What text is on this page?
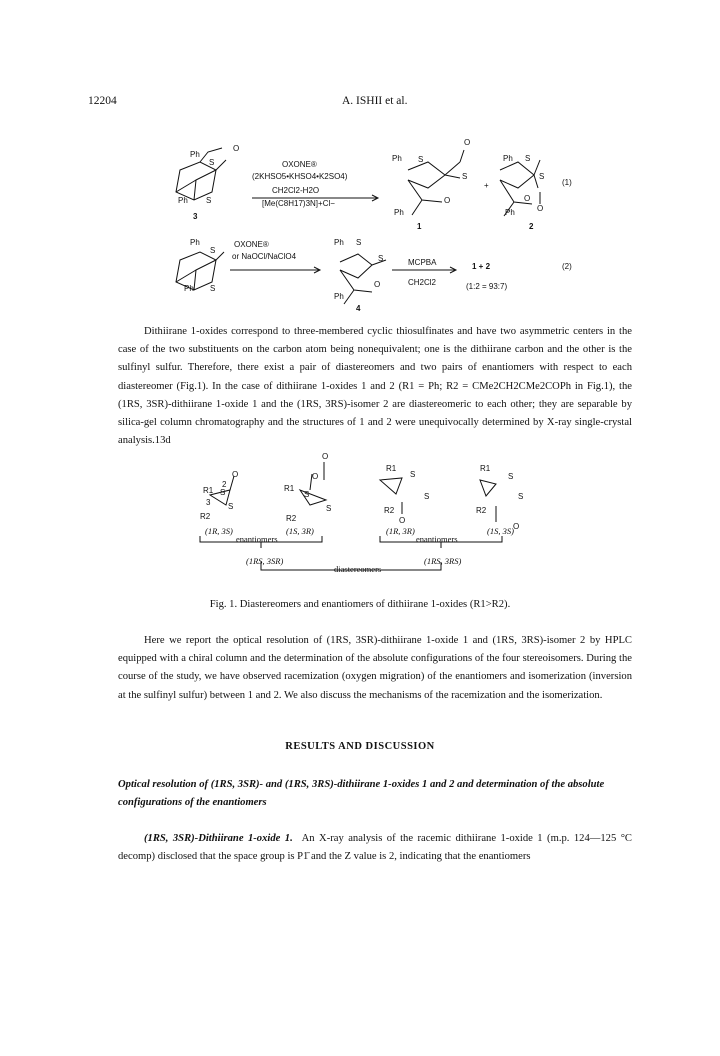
12204	A. ISHII et al.
Ph
S
O
Ph S
3
OXONE®
(2KHSO5•KHSO4•K2SO4)
CH2Cl2-H2O
[Me(C8H17)3N]+Cl−
Ph S
O
S
O
Ph
1
+
Ph S
S
O
O
Ph
2
(1)
Ph
S
Ph S
OXONE®
or NaOCl/NaClO4
Ph S
S
O
Ph
4
MCPBA
CH2Cl2
1 + 2
(1:2 = 93:7)
(2)
Dithiirane 1-oxides correspond to three-membered cyclic thiosulfinates and have two asymmetric centers in the case of the two substituents on the carbon atom being nonequivalent; one is the dithiirane carbon and the other is the sulfinyl sulfur. Therefore, there exist a pair of diastereomers and two pairs of enantiomers with respect to each diastereomer (Fig.1). In the case of dithiirane 1-oxides 1 and 2 (R1 = Ph; R2 = CMe2CH2CMe2COPh in Fig.1), the (1RS, 3SR)-dithiirane 1-oxide 1 and the (1RS, 3RS)-isomer 2 are diastereomeric to each other; they are separable by silica-gel column chromatography and the structures of 1 and 2 were unequivocally determined by X-ray single-crystal analysis.13d
R1
2
O
S
3 S
R2
R1
O
S
S
R2
O
R1
S
S
R2
O
R1
S
S
R2
O
(1R, 3S)	(1S, 3R)	(1R, 3R)	(1S, 3S)
enantiomers	enantiomers
(1RS, 3SR)	(1RS, 3RS)
diastereomers
Fig. 1. Diastereomers and enantiomers of dithiirane 1-oxides (R1>R2).
Here we report the optical resolution of (1RS, 3SR)-dithiirane 1-oxide 1 and (1RS, 3RS)-isomer 2 by HPLC equipped with a chiral column and the determination of the absolute configurations of the four stereoisomers. During the course of the study, we have observed racemization (oxygen migration) of the enantiomers and isomerization (inversion at the sulfinyl sulfur) between 1 and 2. We also discuss the mechanisms of the racemization and the isomerization.
RESULTS AND DISCUSSION
Optical resolution of (1RS, 3SR)- and (1RS, 3RS)-dithiirane 1-oxides 1 and 2 and determination of the absolute configurations of the enantiomers
(1RS, 3SR)-Dithiirane 1-oxide 1. An X-ray analysis of the racemic dithiirane 1-oxide 1 (m.p. 124—125 °C decomp) disclosed that the space group is P1̄ and the Z value is 2, indicating that the enantiomers
